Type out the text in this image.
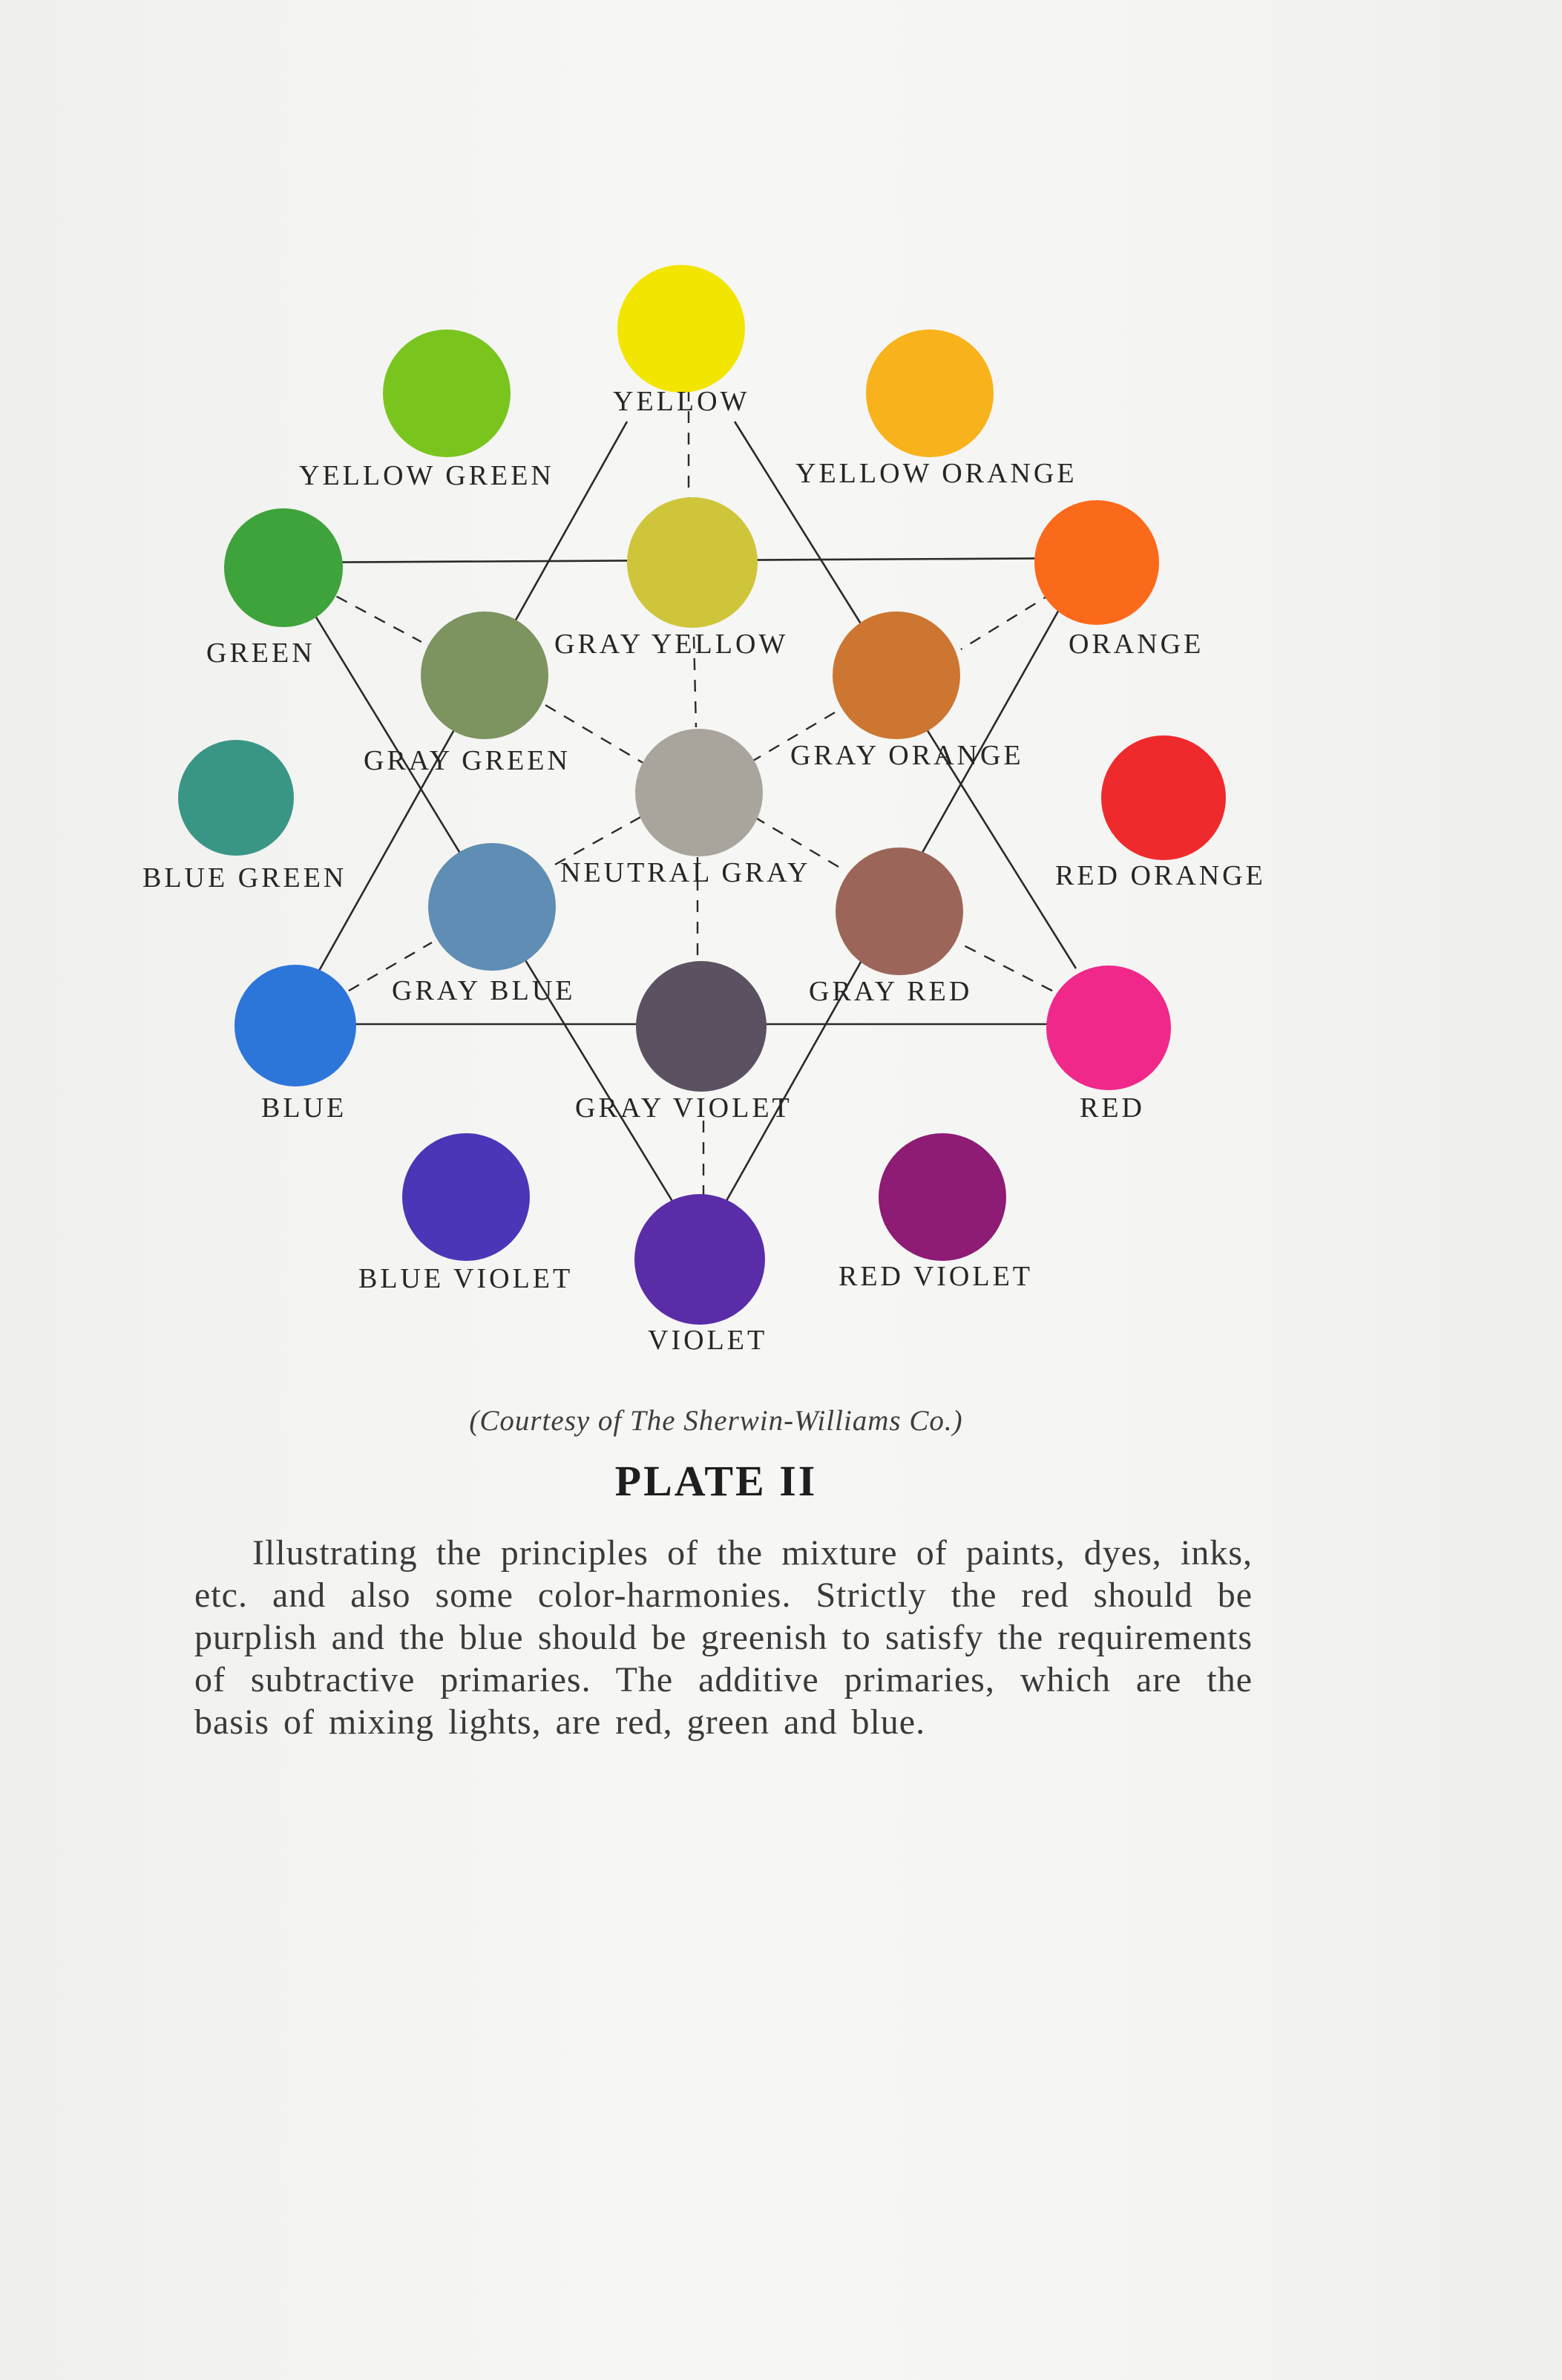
YELLOW
YELLOW GREEN	YELLOW ORANGE
GREEN	GRAY YELLOW	ORANGE
GRAY GREEN	GRAY ORANGE
BLUE GREEN	NEUTRAL GRAY	RED ORANGE
GRAY BLUE	GRAY RED
BLUE	GRAY VIOLET	RED
BLUE VIOLET	RED VIOLET
VIOLET
(Courtesy of The Sherwin-Williams Co.)
PLATE II
Illustrating the principles of the mixture of paints, dyes, inks, etc. and also some color-harmonies. Strictly the red should be purplish and the blue should be greenish to satisfy the requirements of subtractive primaries. The additive primaries, which are the basis of mixing lights, are red, green and blue.
